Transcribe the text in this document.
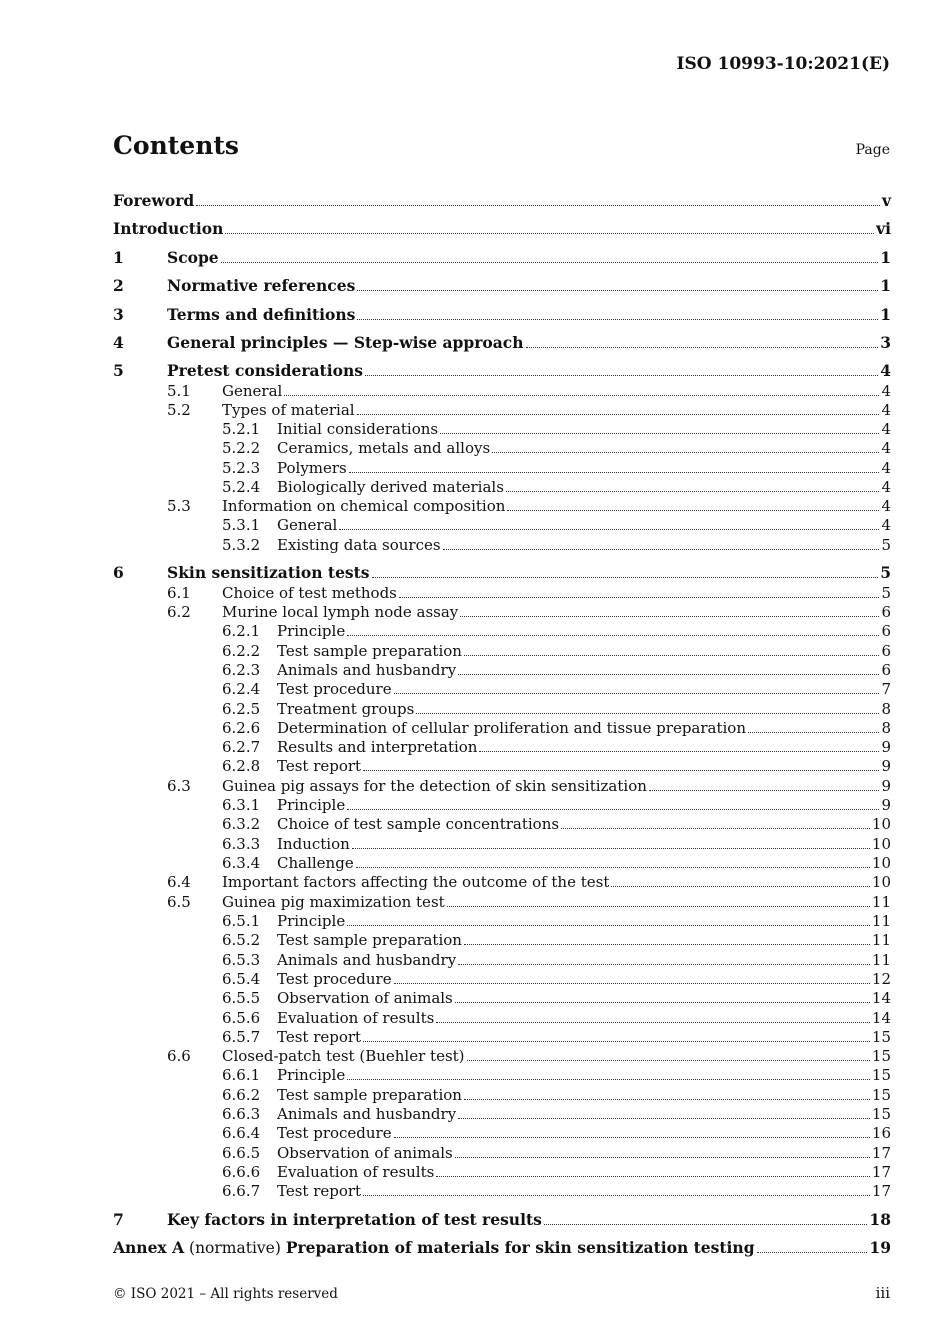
ISO 10993-10:2021(E)
Contents	Page
Foreword	v
Introduction	vi
1	Scope	1
2	Normative references	1
3	Terms and definitions	1
4	General principles — Step-wise approach	3
5	Pretest considerations	4
5.1	General	4
5.2	Types of material	4
5.2.1	Initial considerations	4
5.2.2	Ceramics, metals and alloys	4
5.2.3	Polymers	4
5.2.4	Biologically derived materials	4
5.3	Information on chemical composition	4
5.3.1	General	4
5.3.2	Existing data sources	5
6	Skin sensitization tests	5
6.1	Choice of test methods	5
6.2	Murine local lymph node assay	6
6.2.1	Principle	6
6.2.2	Test sample preparation	6
6.2.3	Animals and husbandry	6
6.2.4	Test procedure	7
6.2.5	Treatment groups	8
6.2.6	Determination of cellular proliferation and tissue preparation	8
6.2.7	Results and interpretation	9
6.2.8	Test report	9
6.3	Guinea pig assays for the detection of skin sensitization	9
6.3.1	Principle	9
6.3.2	Choice of test sample concentrations	10
6.3.3	Induction	10
6.3.4	Challenge	10
6.4	Important factors affecting the outcome of the test	10
6.5	Guinea pig maximization test	11
6.5.1	Principle	11
6.5.2	Test sample preparation	11
6.5.3	Animals and husbandry	11
6.5.4	Test procedure	12
6.5.5	Observation of animals	14
6.5.6	Evaluation of results	14
6.5.7	Test report	15
6.6	Closed-patch test (Buehler test)	15
6.6.1	Principle	15
6.6.2	Test sample preparation	15
6.6.3	Animals and husbandry	15
6.6.4	Test procedure	16
6.6.5	Observation of animals	17
6.6.6	Evaluation of results	17
6.6.7	Test report	17
7	Key factors in interpretation of test results	18
Annex A (normative) Preparation of materials for skin sensitization testing	19
© ISO 2021 – All rights reserved	iii
